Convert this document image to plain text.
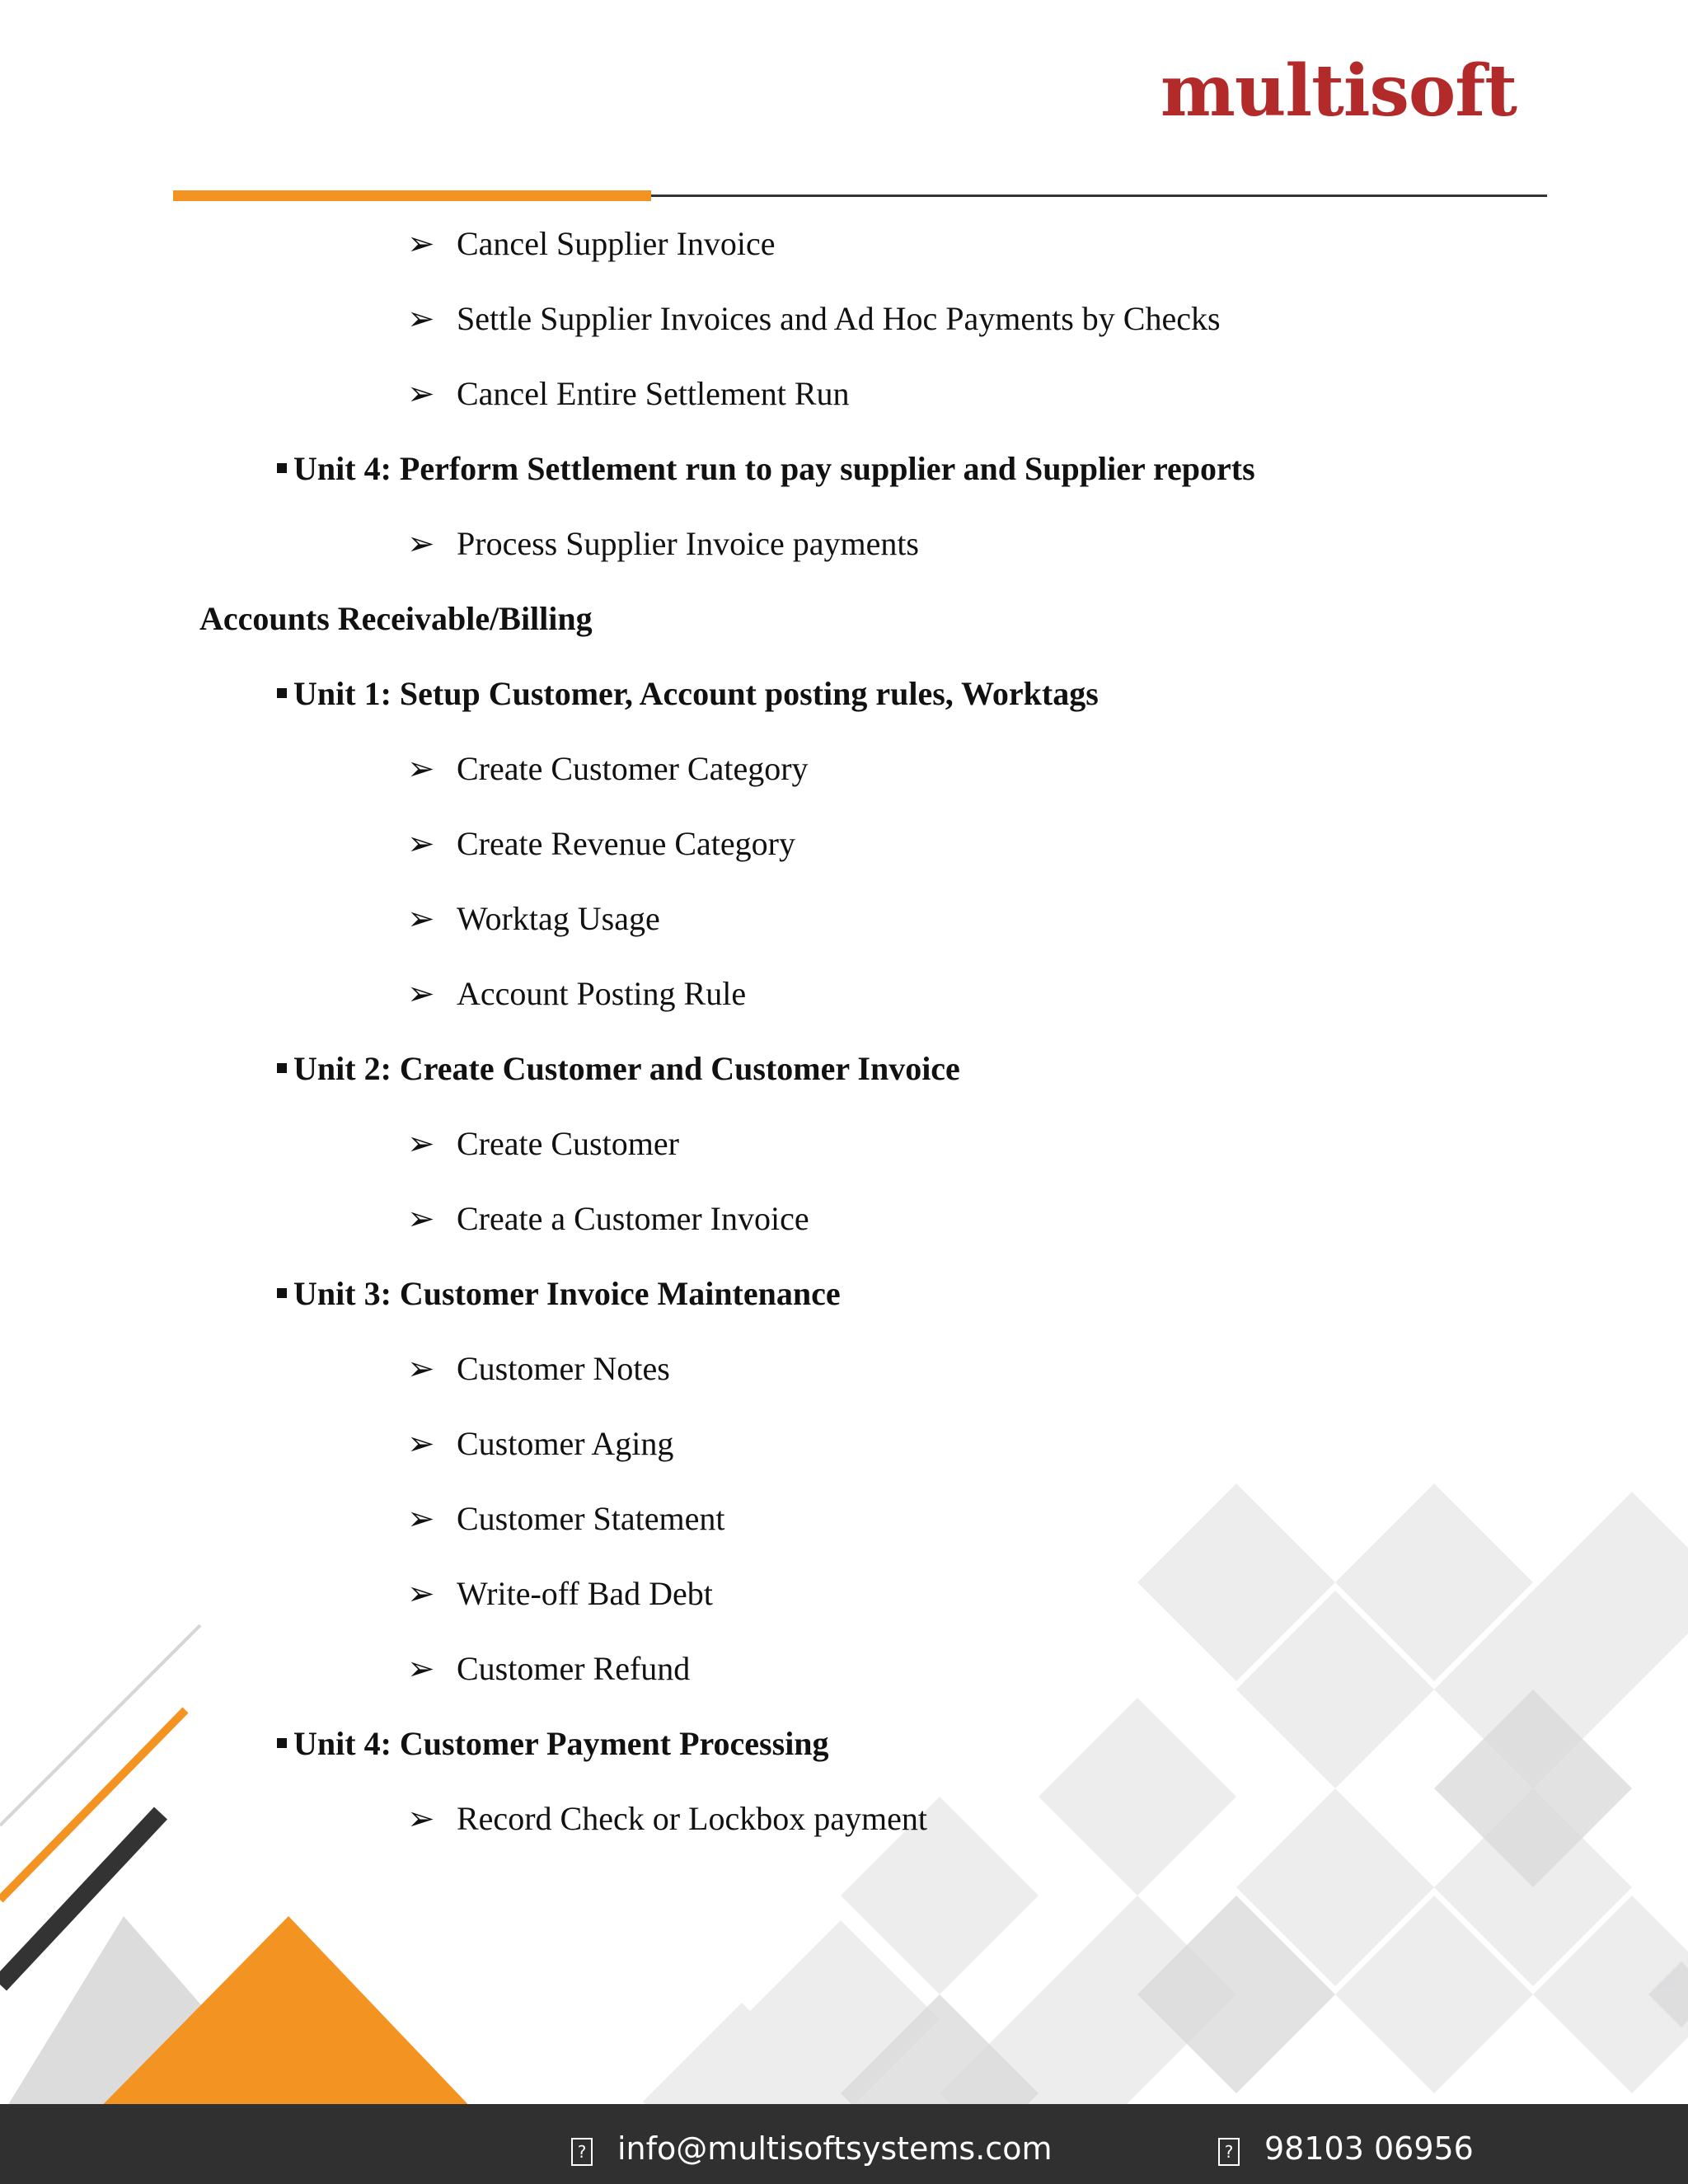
multisoft
➢ Cancel Supplier Invoice
➢ Settle Supplier Invoices and Ad Hoc Payments by Checks
➢ Cancel Entire Settlement Run
Unit 4: Perform Settlement run to pay supplier and Supplier reports
➢ Process Supplier Invoice payments
Accounts Receivable/Billing
Unit 1: Setup Customer, Account posting rules, Worktags
➢ Create Customer Category
➢ Create Revenue Category
➢ Worktag Usage
➢ Account Posting Rule
Unit 2: Create Customer and Customer Invoice
➢ Create Customer
➢ Create a Customer Invoice
Unit 3: Customer Invoice Maintenance
➢ Customer Notes
➢ Customer Aging
➢ Customer Statement
➢ Write-off Bad Debt
➢ Customer Refund
Unit 4: Customer Payment Processing
➢ Record Check or Lockbox payment
? info@multisoftsystems.com	? 98103 06956
